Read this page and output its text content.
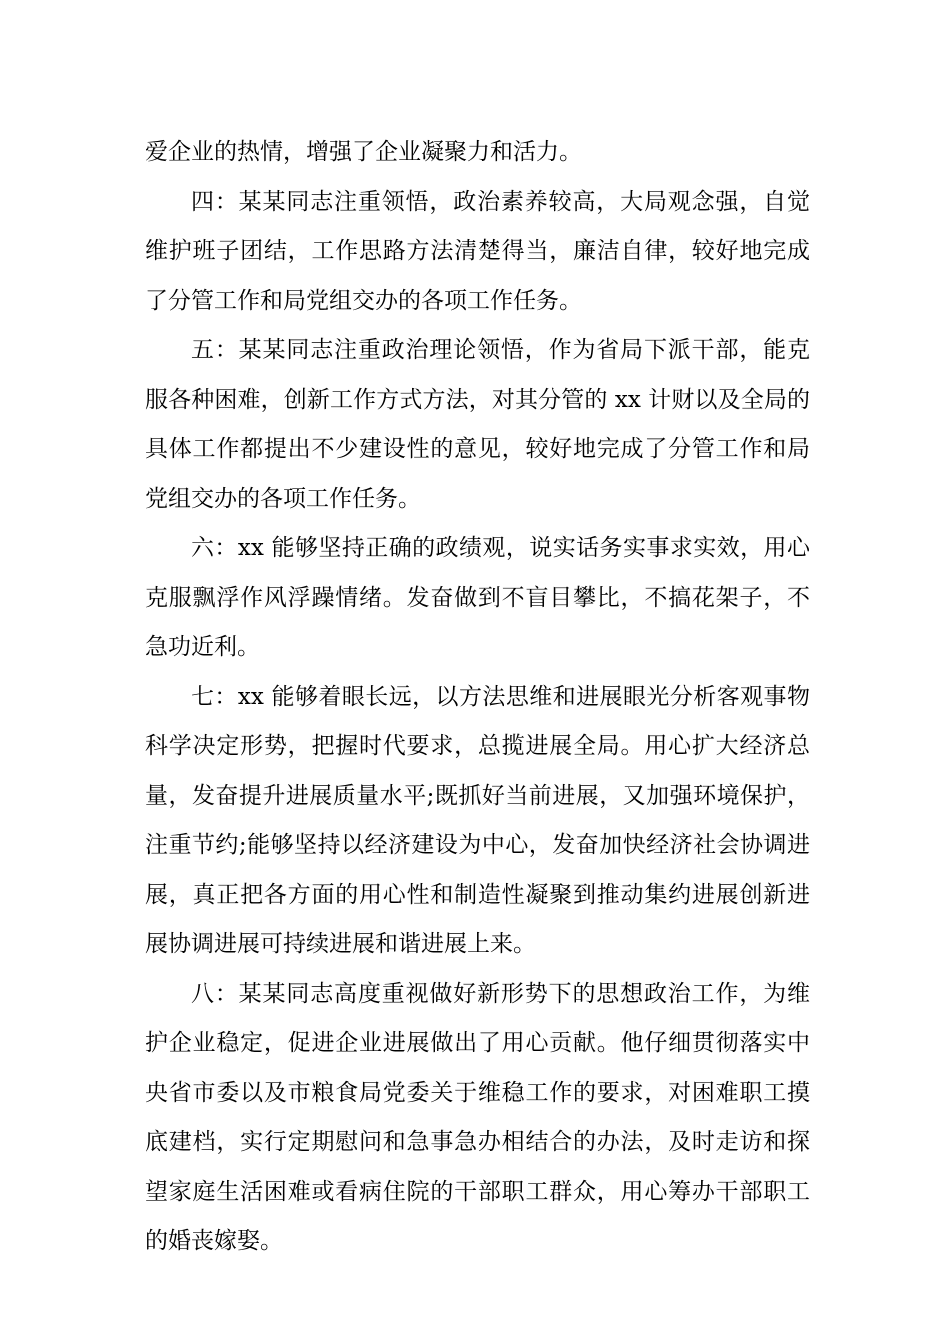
爱企业的热情，增强了企业凝聚力和活力。

四：某某同志注重领悟，政治素养较高，大局观念强，自觉维护班子团结，工作思路方法清楚得当，廉洁自律，较好地完成了分管工作和局党组交办的各项工作任务。

五：某某同志注重政治理论领悟，作为省局下派干部，能克服各种困难，创新工作方式方法，对其分管的 xx 计财以及全局的具体工作都提出不少建设性的意见，较好地完成了分管工作和局党组交办的各项工作任务。

六：xx 能够坚持正确的政绩观，说实话务实事求实效，用心克服飘浮作风浮躁情绪。发奋做到不盲目攀比，不搞花架子，不急功近利。

七：xx 能够着眼长远，以方法思维和进展眼光分析客观事物科学决定形势，把握时代要求，总揽进展全局。用心扩大经济总量，发奋提升进展质量水平;既抓好当前进展，又加强环境保护，注重节约;能够坚持以经济建设为中心，发奋加快经济社会协调进展，真正把各方面的用心性和制造性凝聚到推动集约进展创新进展协调进展可持续进展和谐进展上来。

八：某某同志高度重视做好新形势下的思想政治工作，为维护企业稳定，促进企业进展做出了用心贡献。他仔细贯彻落实中央省市委以及市粮食局党委关于维稳工作的要求，对困难职工摸底建档，实行定期慰问和急事急办相结合的办法，及时走访和探望家庭生活困难或看病住院的干部职工群众，用心筹办干部职工的婚丧嫁娶。
